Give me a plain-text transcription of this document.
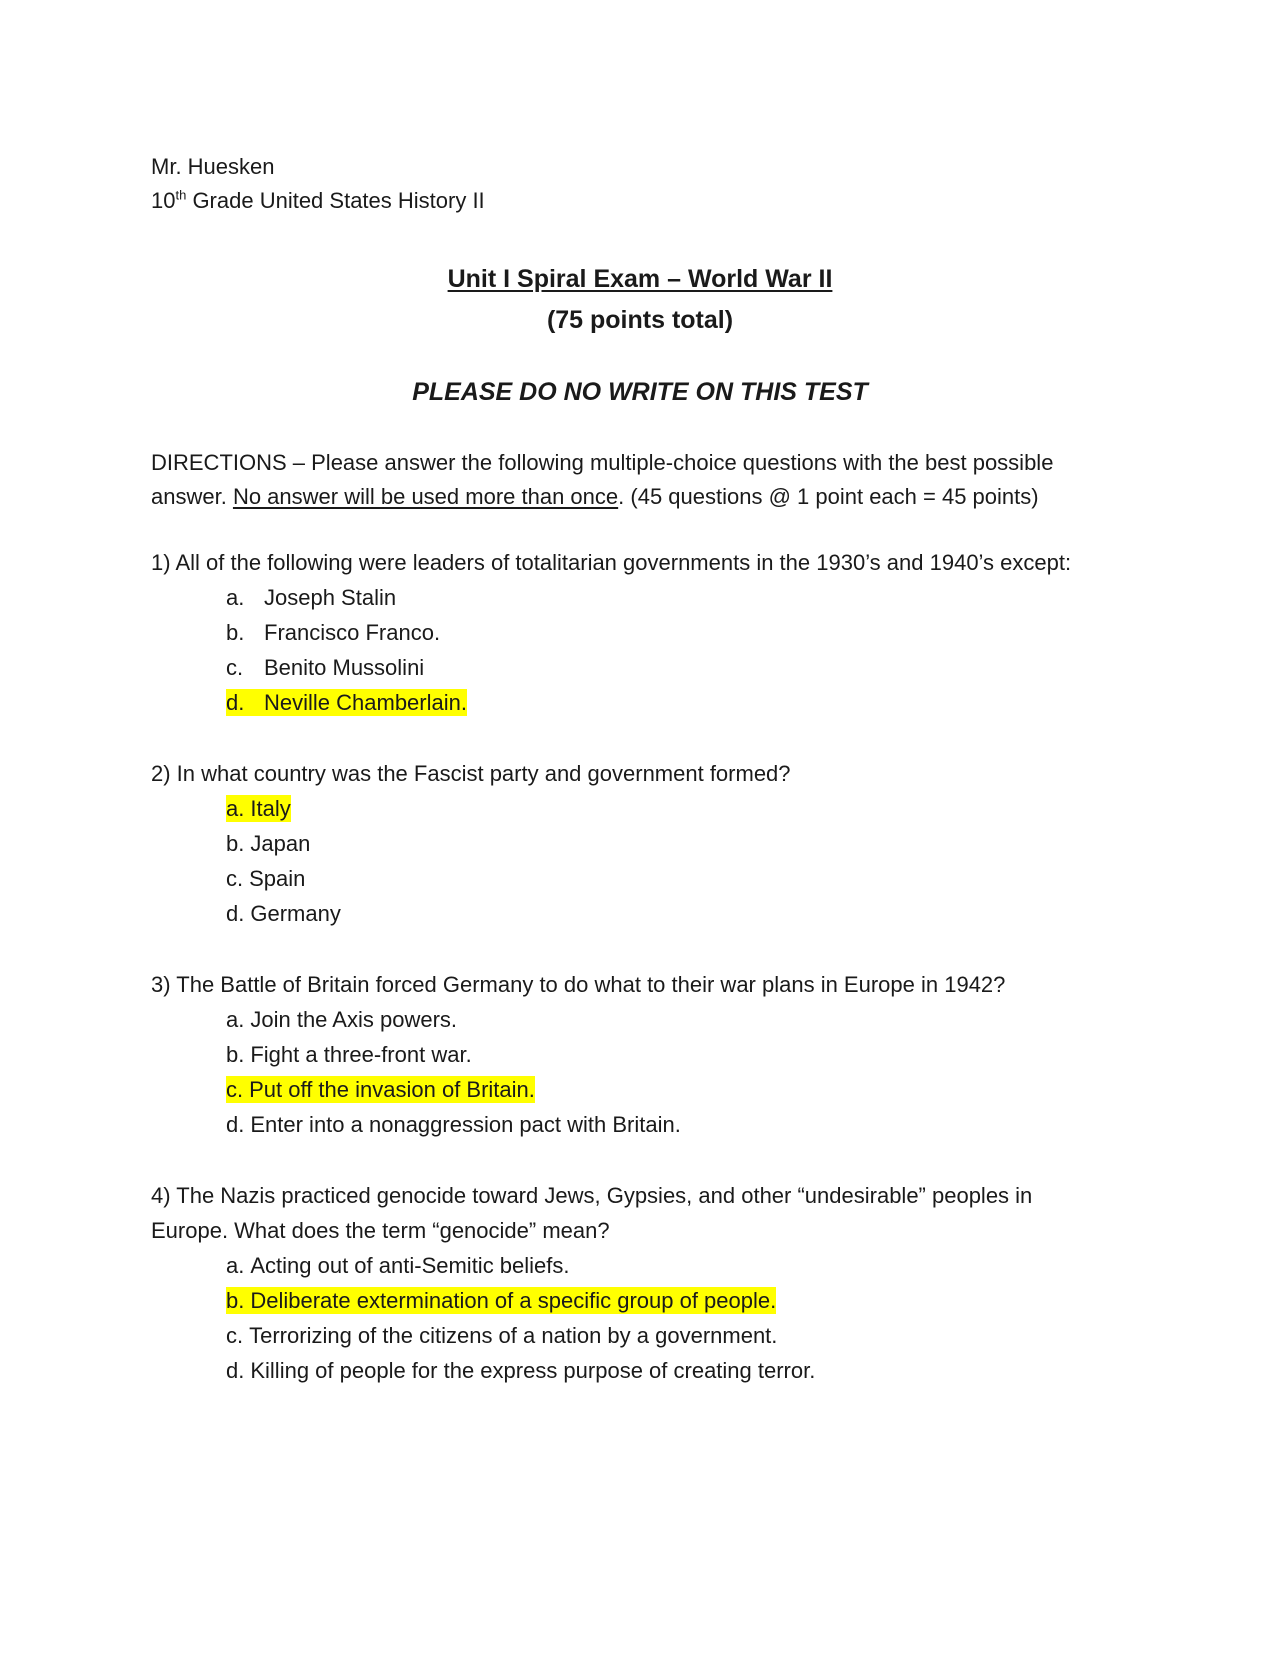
Mr. Huesken
10th Grade United States History II
Unit I Spiral Exam – World War II
(75 points total)
PLEASE DO NO WRITE ON THIS TEST
DIRECTIONS – Please answer the following multiple-choice questions with the best possible
answer. No answer will be used more than once. (45 questions @ 1 point each = 45 points)
1) All of the following were leaders of totalitarian governments in the 1930’s and 1940’s except:
a. Joseph Stalin
b. Francisco Franco.
c. Benito Mussolini
d. Neville Chamberlain.
2) In what country was the Fascist party and government formed?
a. Italy
b. Japan
c. Spain
d. Germany
3) The Battle of Britain forced Germany to do what to their war plans in Europe in 1942?
a. Join the Axis powers.
b. Fight a three-front war.
c. Put off the invasion of Britain.
d. Enter into a nonaggression pact with Britain.
4) The Nazis practiced genocide toward Jews, Gypsies, and other “undesirable” peoples in
Europe. What does the term “genocide” mean?
a. Acting out of anti-Semitic beliefs.
b. Deliberate extermination of a specific group of people.
c. Terrorizing of the citizens of a nation by a government.
d. Killing of people for the express purpose of creating terror.
